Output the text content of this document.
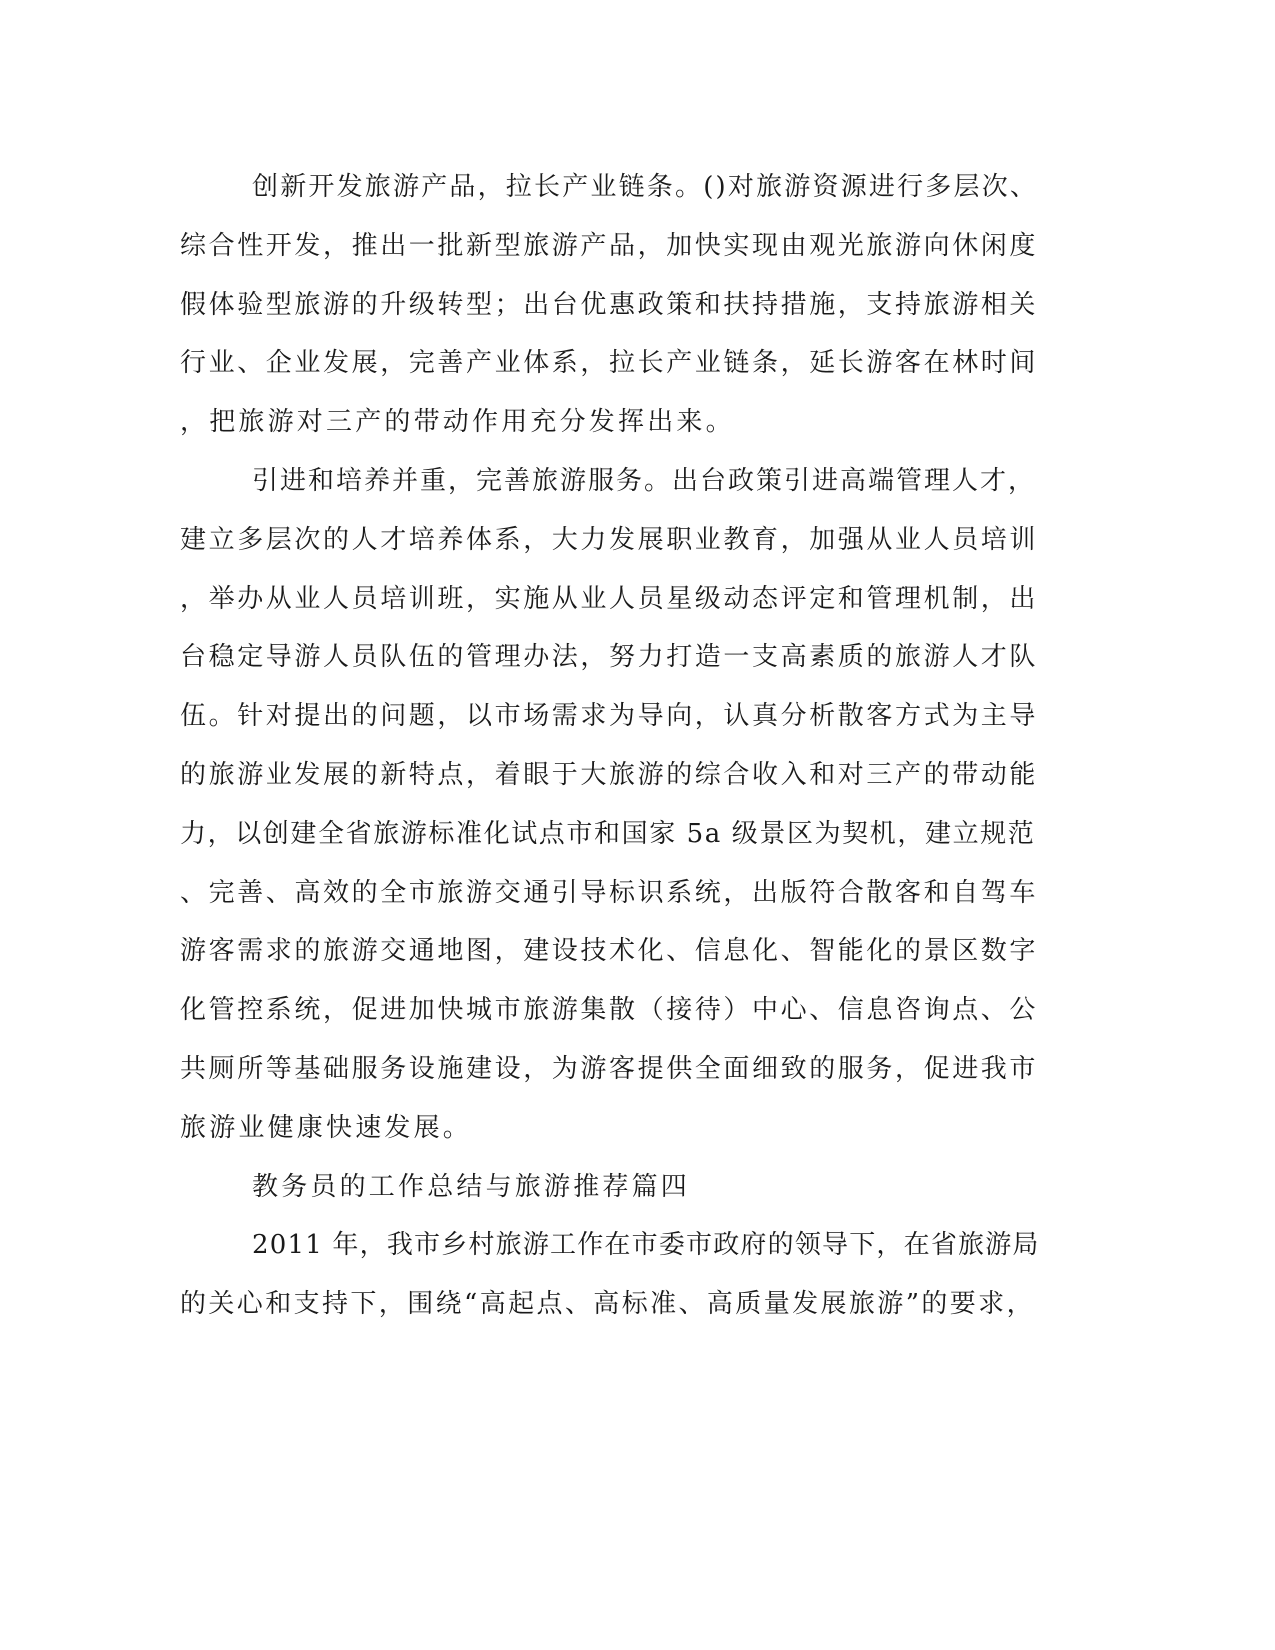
创新开发旅游产品，拉长产业链条。()对旅游资源进行多层次、
综合性开发，推出一批新型旅游产品，加快实现由观光旅游向休闲度
假体验型旅游的升级转型；出台优惠政策和扶持措施，支持旅游相关
行业、企业发展，完善产业体系，拉长产业链条，延长游客在林时间
，把旅游对三产的带动作用充分发挥出来。
引进和培养并重，完善旅游服务。出台政策引进高端管理人才，
建立多层次的人才培养体系，大力发展职业教育，加强从业人员培训
，举办从业人员培训班，实施从业人员星级动态评定和管理机制，出
台稳定导游人员队伍的管理办法，努力打造一支高素质的旅游人才队
伍。针对提出的问题，以市场需求为导向，认真分析散客方式为主导
的旅游业发展的新特点，着眼于大旅游的综合收入和对三产的带动能
力，以创建全省旅游标准化试点市和国家 5a 级景区为契机，建立规范
、完善、高效的全市旅游交通引导标识系统，出版符合散客和自驾车
游客需求的旅游交通地图，建设技术化、信息化、智能化的景区数字
化管控系统，促进加快城市旅游集散（接待）中心、信息咨询点、公
共厕所等基础服务设施建设，为游客提供全面细致的服务，促进我市
旅游业健康快速发展。
教务员的工作总结与旅游推荐篇四
2011 年，我市乡村旅游工作在市委市政府的领导下，在省旅游局
的关心和支持下，围绕“高起点、高标准、高质量发展旅游”的要求，
